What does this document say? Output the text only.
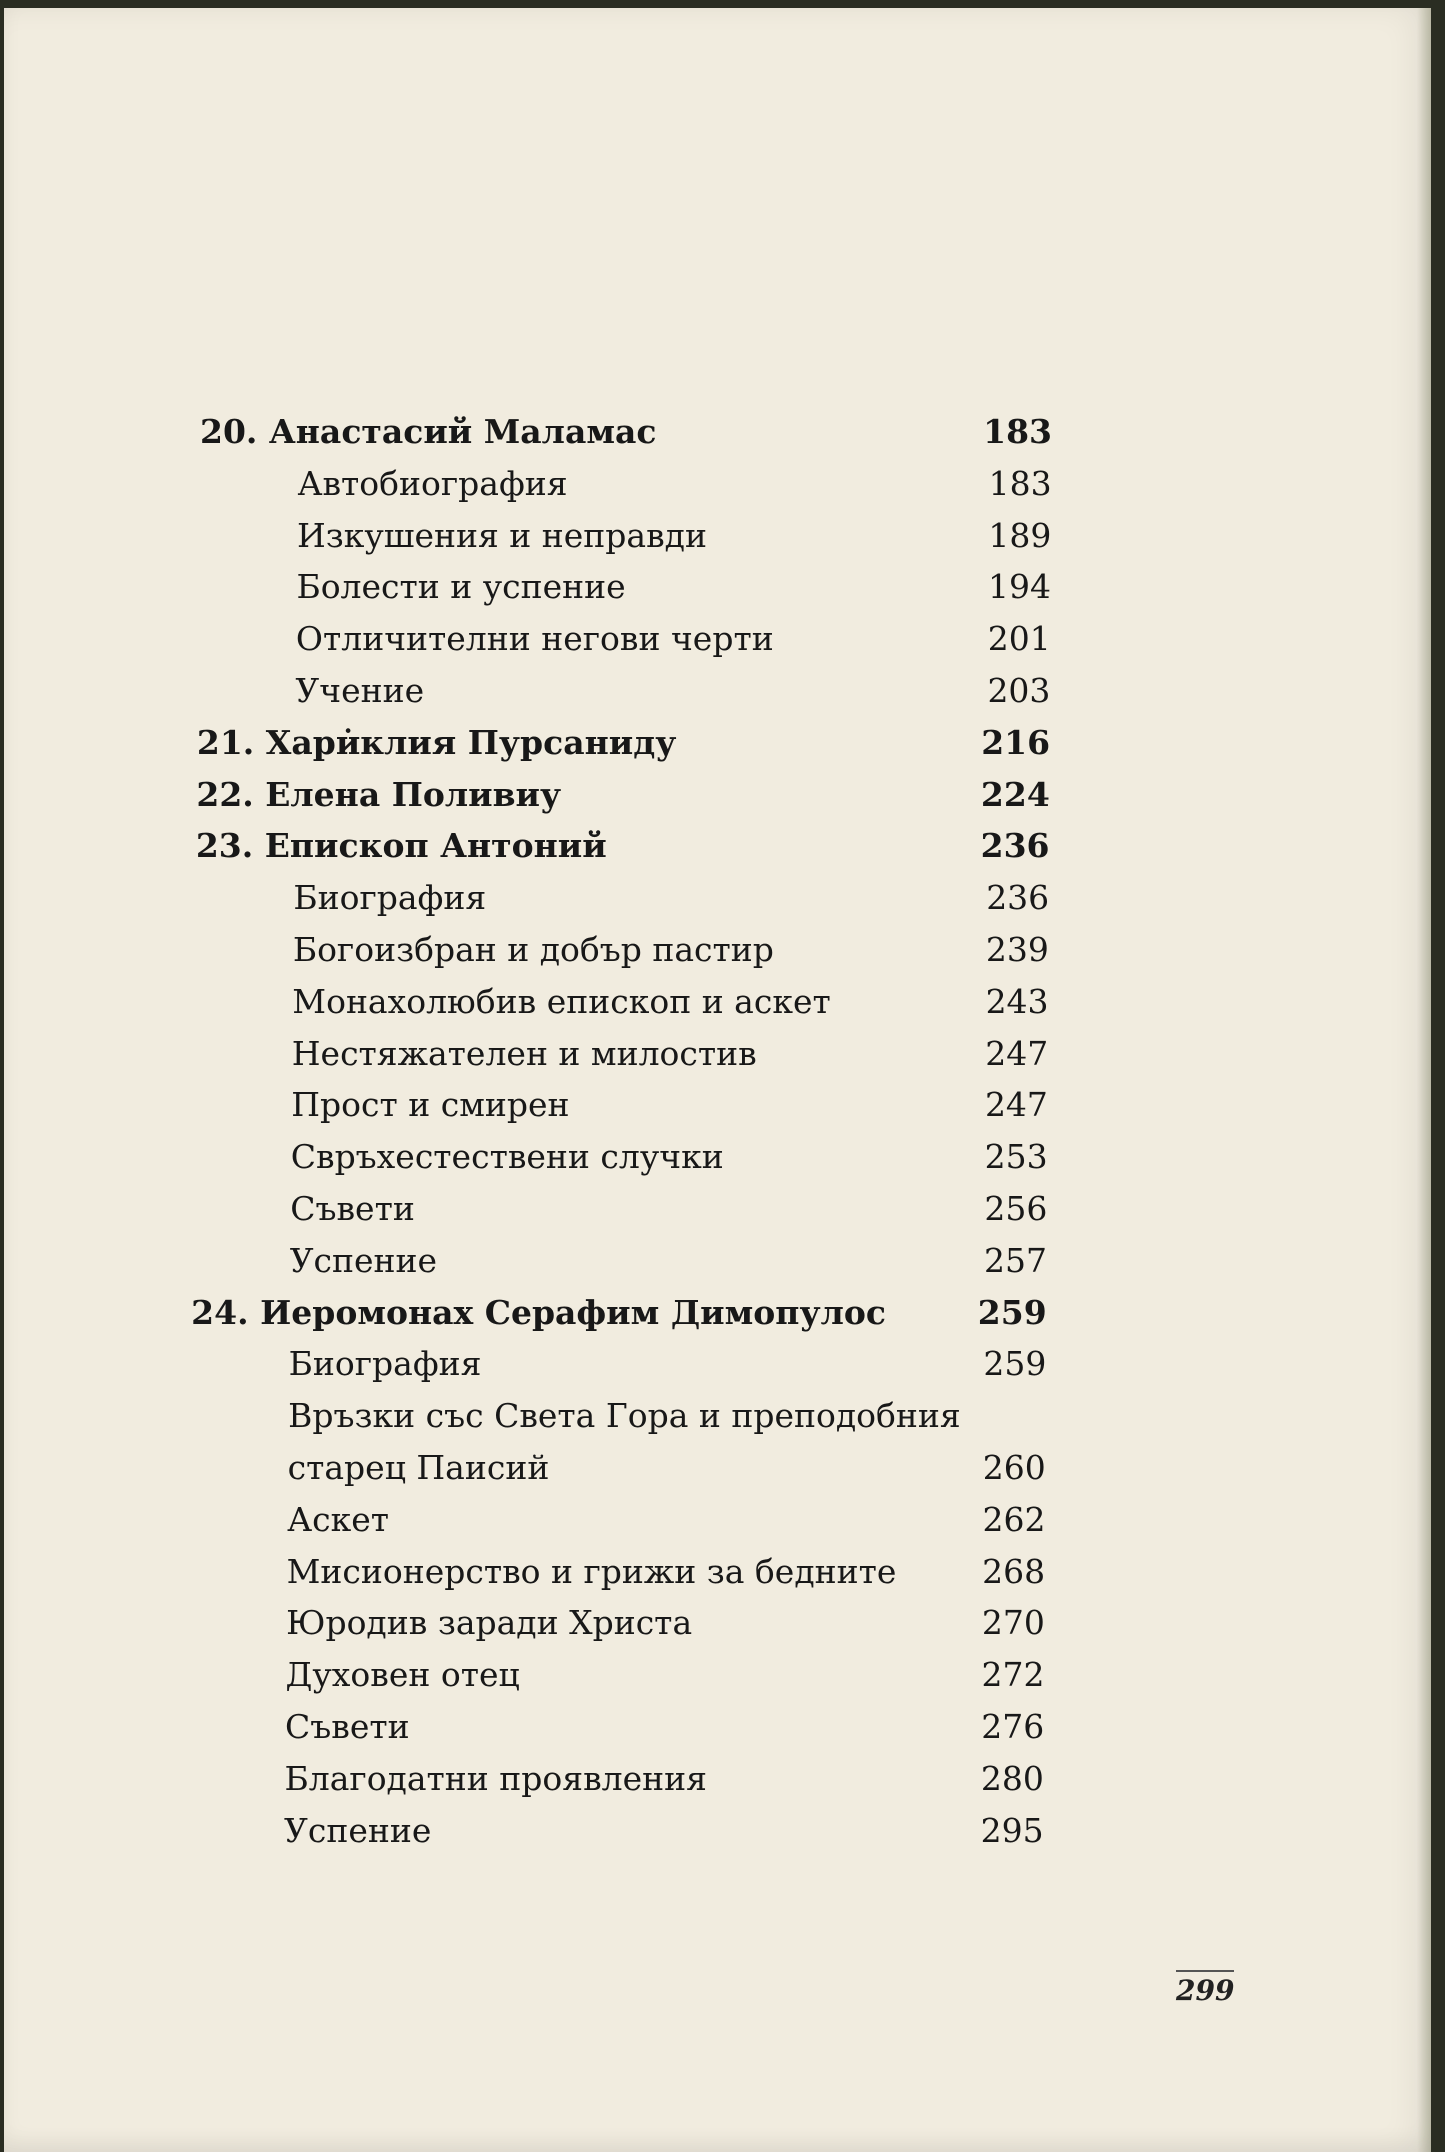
20. Анастасий Маламас	183
Автобиография	183
Изкушения и неправди	189
Болести и успение	194
Отличителни негови черти	201
Учение	203
21. Хари̇клия Пурсаниду	216
22. Елена Поливиу	224
23. Епископ Антоний	236
Биография	236
Богоизбран и добър пастир	239
Монахолюбив епископ и аскет	243
Нестяжателен и милостив	247
Прост и смирен	247
Свръхестествени случки	253
Съвети	256
Успение	257
24. Иеромонах Серафим Димопулос	259
Биография	259
Връзки със Света Гора и преподобния
старец Паисий	260
Аскет	262
Мисионерство и грижи за бедните	268
Юродив заради Христа	270
Духовен отец	272
Съвети	276
Благодатни проявления	280
Успение	295
299
